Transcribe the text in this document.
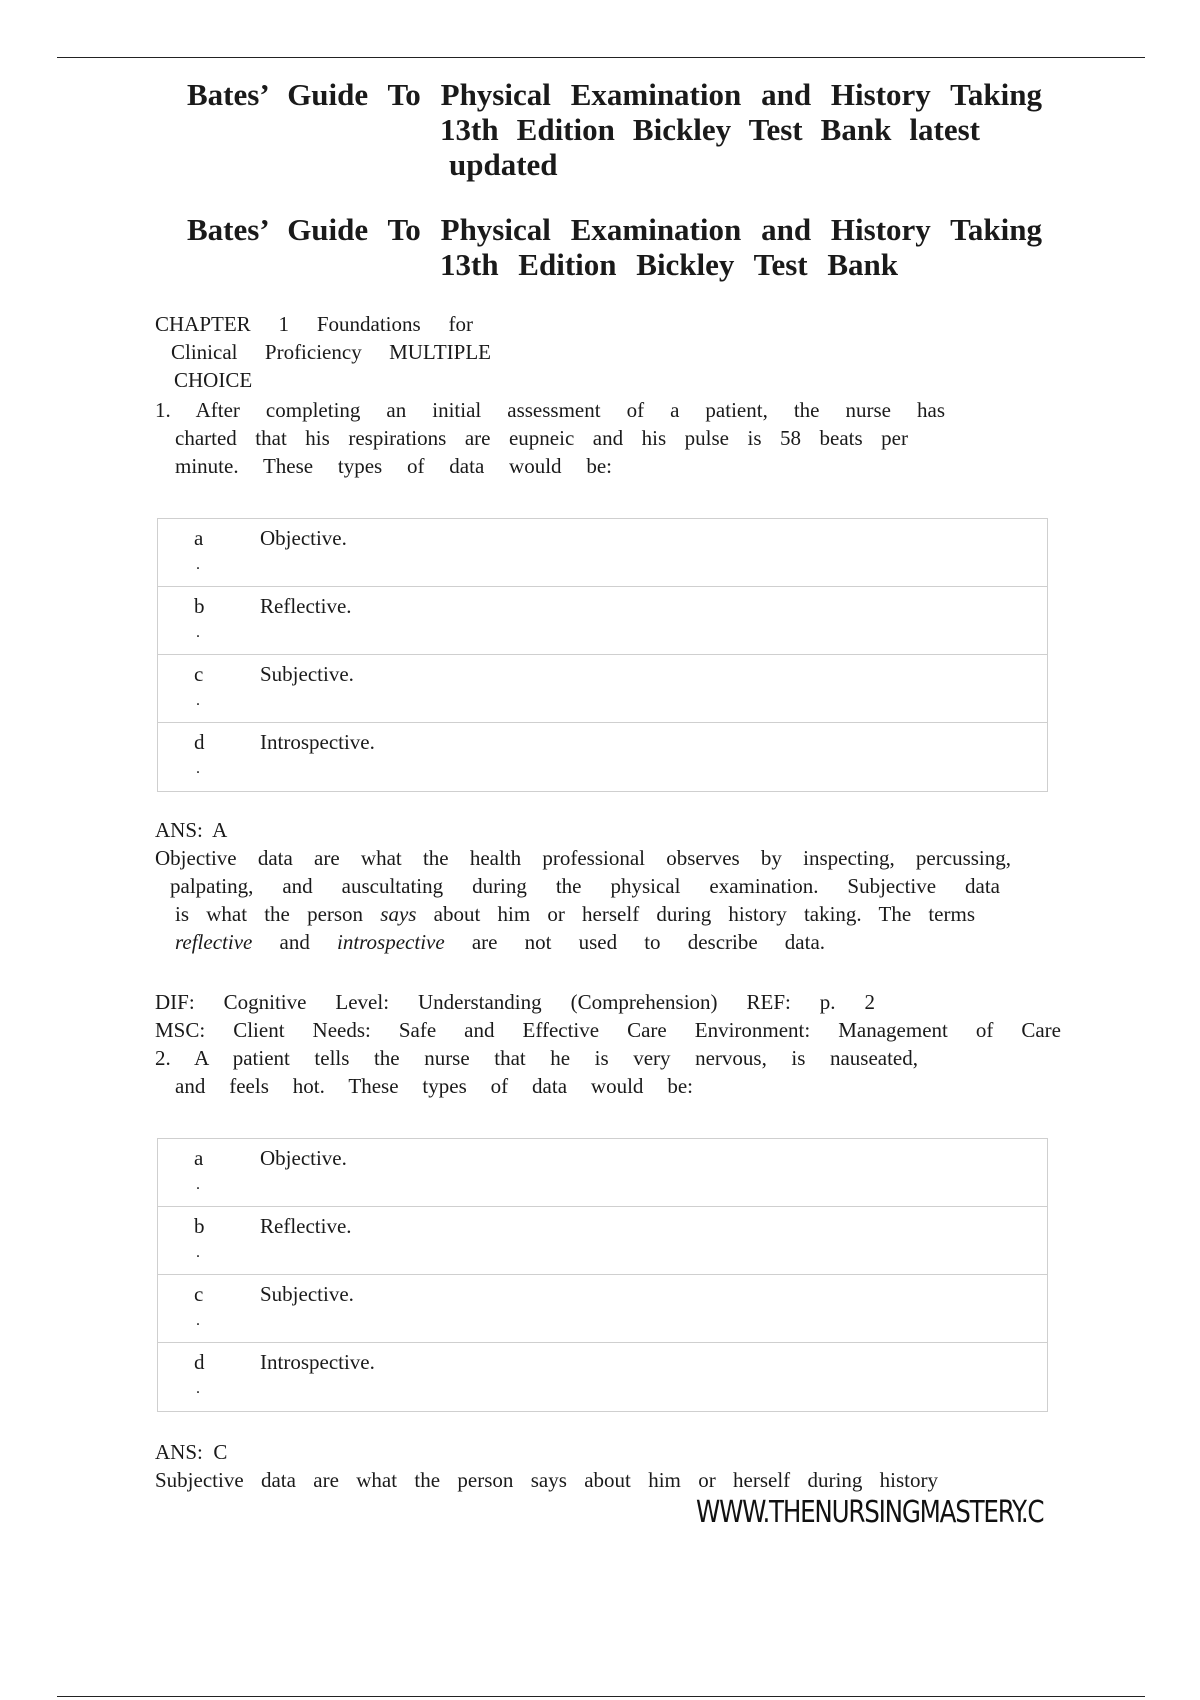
Bates’ Guide To Physical Examination and History Taking
13th Edition Bickley Test Bank latest
updated
Bates’ Guide To Physical Examination and History Taking
13th Edition Bickley Test Bank
CHAPTER 1 Foundations for
Clinical Proficiency MULTIPLE
CHOICE
1. After completing an initial assessment of a patient, the nurse has
charted that his respirations are eupneic and his pulse is 58 beats per
minute. These types of data would be:
a
.
Objective.
b
.
Reflective.
c
.
Subjective.
d
.
Introspective.
ANS:  A
Objective data are what the health professional observes by inspecting, percussing,
palpating, and auscultating during the physical examination. Subjective data
is what the person says about him or herself during history taking. The terms
reflective and introspective are not used to describe data.
DIF: Cognitive Level: Understanding (Comprehension) REF: p. 2
MSC: Client Needs: Safe and Effective Care Environment: Management of Care
2. A patient tells the nurse that he is very nervous, is nauseated,
and feels hot. These types of data would be:
a
.
Objective.
b
.
Reflective.
c
.
Subjective.
d
.
Introspective.
ANS:  C
Subjective data are what the person says about him or herself during history
WWW.THENURSINGMASTERY.C
